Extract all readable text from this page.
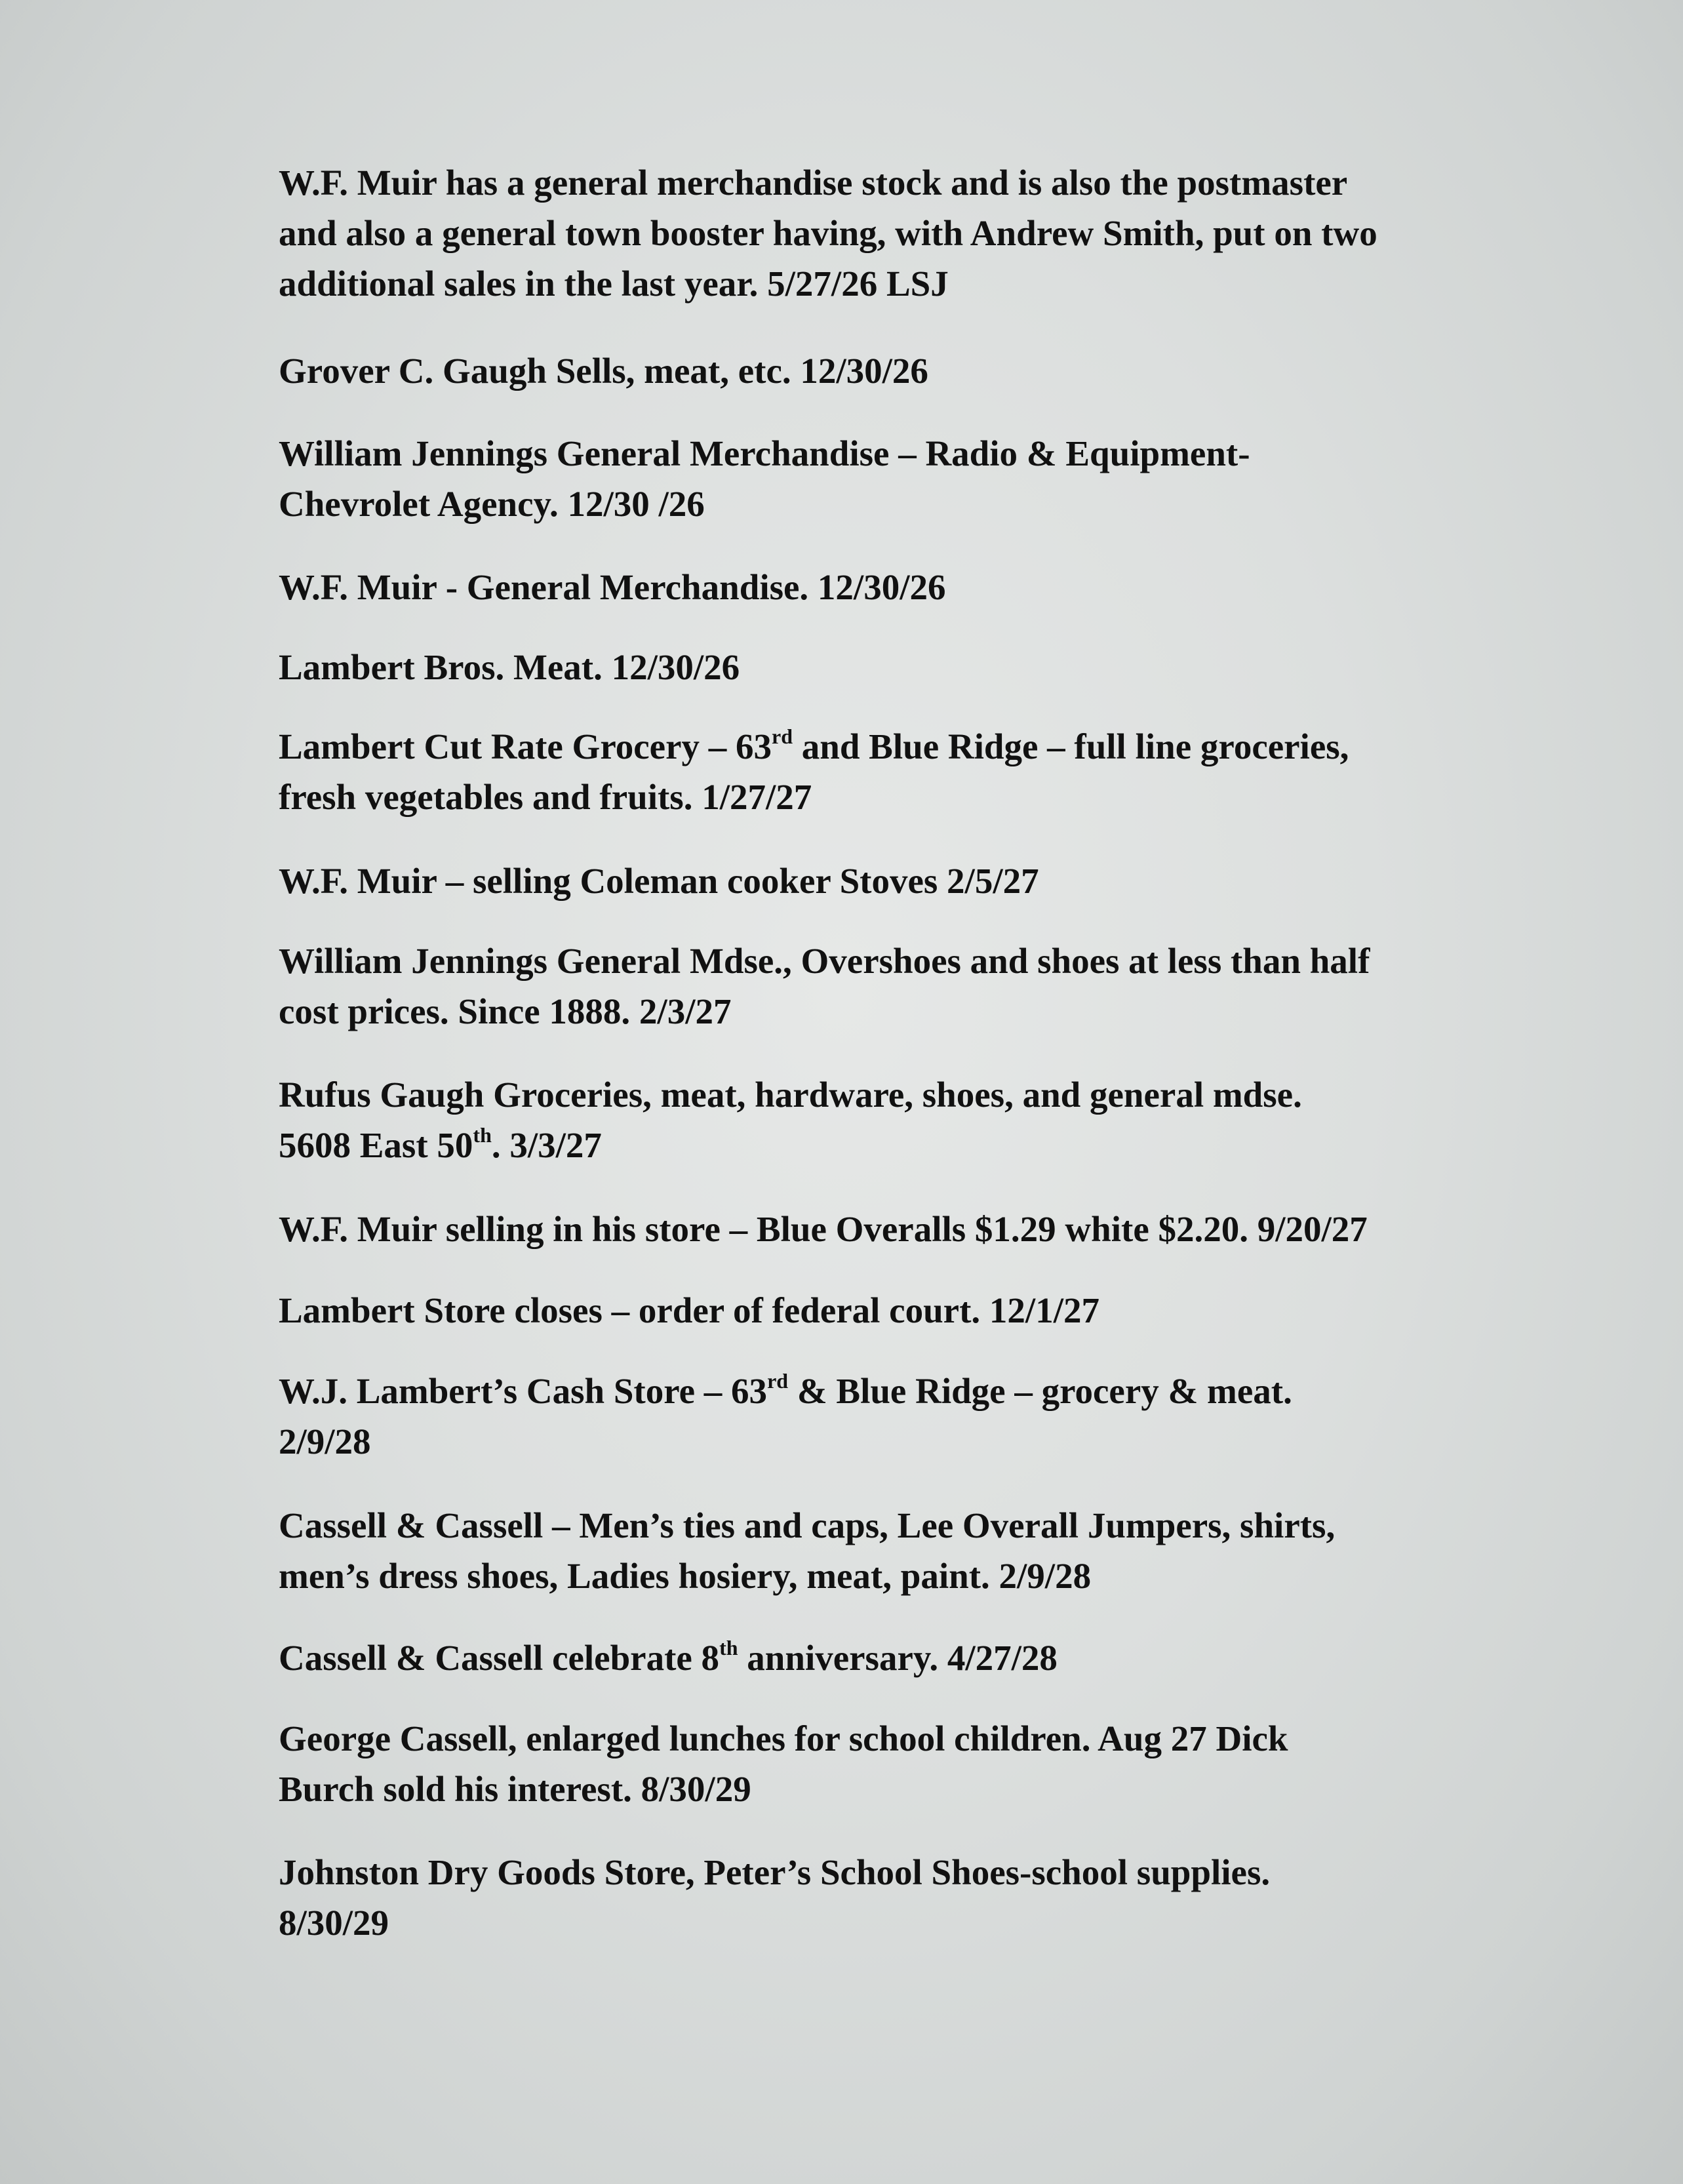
W.F. Muir has a general merchandise stock and is also the postmaster
and also a general town booster having, with Andrew Smith, put on two
additional sales in the last year. 5/27/26 LSJ

Grover C. Gaugh Sells, meat, etc. 12/30/26

William Jennings General Merchandise – Radio & Equipment-
Chevrolet Agency. 12/30 /26

W.F. Muir - General Merchandise. 12/30/26

Lambert Bros. Meat. 12/30/26

Lambert Cut Rate Grocery – 63rd and Blue Ridge – full line groceries,
fresh vegetables and fruits. 1/27/27

W.F. Muir – selling Coleman cooker Stoves 2/5/27

William Jennings General Mdse., Overshoes and shoes at less than half
cost prices. Since 1888. 2/3/27

Rufus Gaugh Groceries, meat, hardware, shoes, and general mdse.
5608 East 50th. 3/3/27

W.F. Muir selling in his store – Blue Overalls $1.29 white $2.20. 9/20/27

Lambert Store closes – order of federal court. 12/1/27

W.J. Lambert’s Cash Store – 63rd & Blue Ridge – grocery & meat.
2/9/28

Cassell & Cassell – Men’s ties and caps, Lee Overall Jumpers, shirts,
men’s dress shoes, Ladies hosiery, meat, paint. 2/9/28

Cassell & Cassell celebrate 8th anniversary. 4/27/28

George Cassell, enlarged lunches for school children. Aug 27 Dick
Burch sold his interest. 8/30/29

Johnston Dry Goods Store, Peter’s School Shoes-school supplies.
8/30/29
